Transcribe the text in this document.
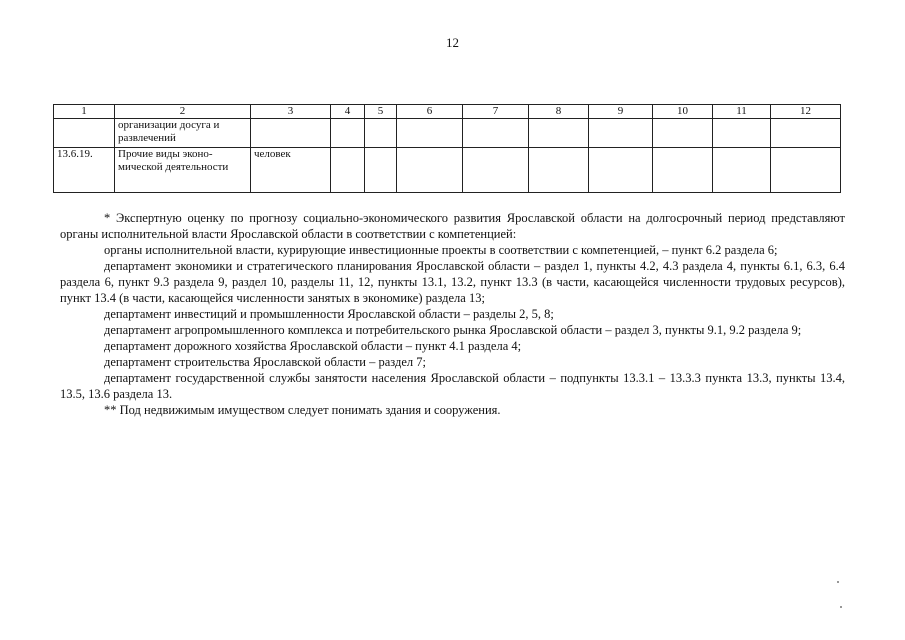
12
1	2	3	4	5	6	7	8	9	10	11	12
	организации досуга и развлечений										
13.6.19.	Прочие виды экономической деятельности	человек									

* Экспертную оценку по прогнозу социально-экономического развития Ярославской области на долгосрочный период представляют органы исполнительной власти Ярославской области в соответствии с компетенцией:

органы исполнительной власти, курирующие инвестиционные проекты в соответствии с компетенцией, – пункт 6.2 раздела 6;

департамент экономики и стратегического планирования Ярославской области – раздел 1, пункты 4.2, 4.3 раздела 4, пункты 6.1, 6.3, 6.4 раздела 6, пункт 9.3 раздела 9, раздел 10, разделы 11, 12, пункты 13.1, 13.2, пункт 13.3 (в части, касающейся численности трудовых ресурсов), пункт 13.4 (в части, касающейся численности занятых в экономике) раздела 13;

департамент инвестиций и промышленности Ярославской области – разделы 2, 5, 8;

департамент агропромышленного комплекса и потребительского рынка Ярославской области – раздел 3, пункты 9.1, 9.2 раздела 9;

департамент дорожного хозяйства Ярославской области – пункт 4.1 раздела 4;

департамент строительства Ярославской области – раздел 7;

департамент государственной службы занятости населения Ярославской области – подпункты 13.3.1 – 13.3.3 пункта 13.3, пункты 13.4, 13.5, 13.6 раздела 13.

** Под недвижимым имуществом следует понимать здания и сооружения.
